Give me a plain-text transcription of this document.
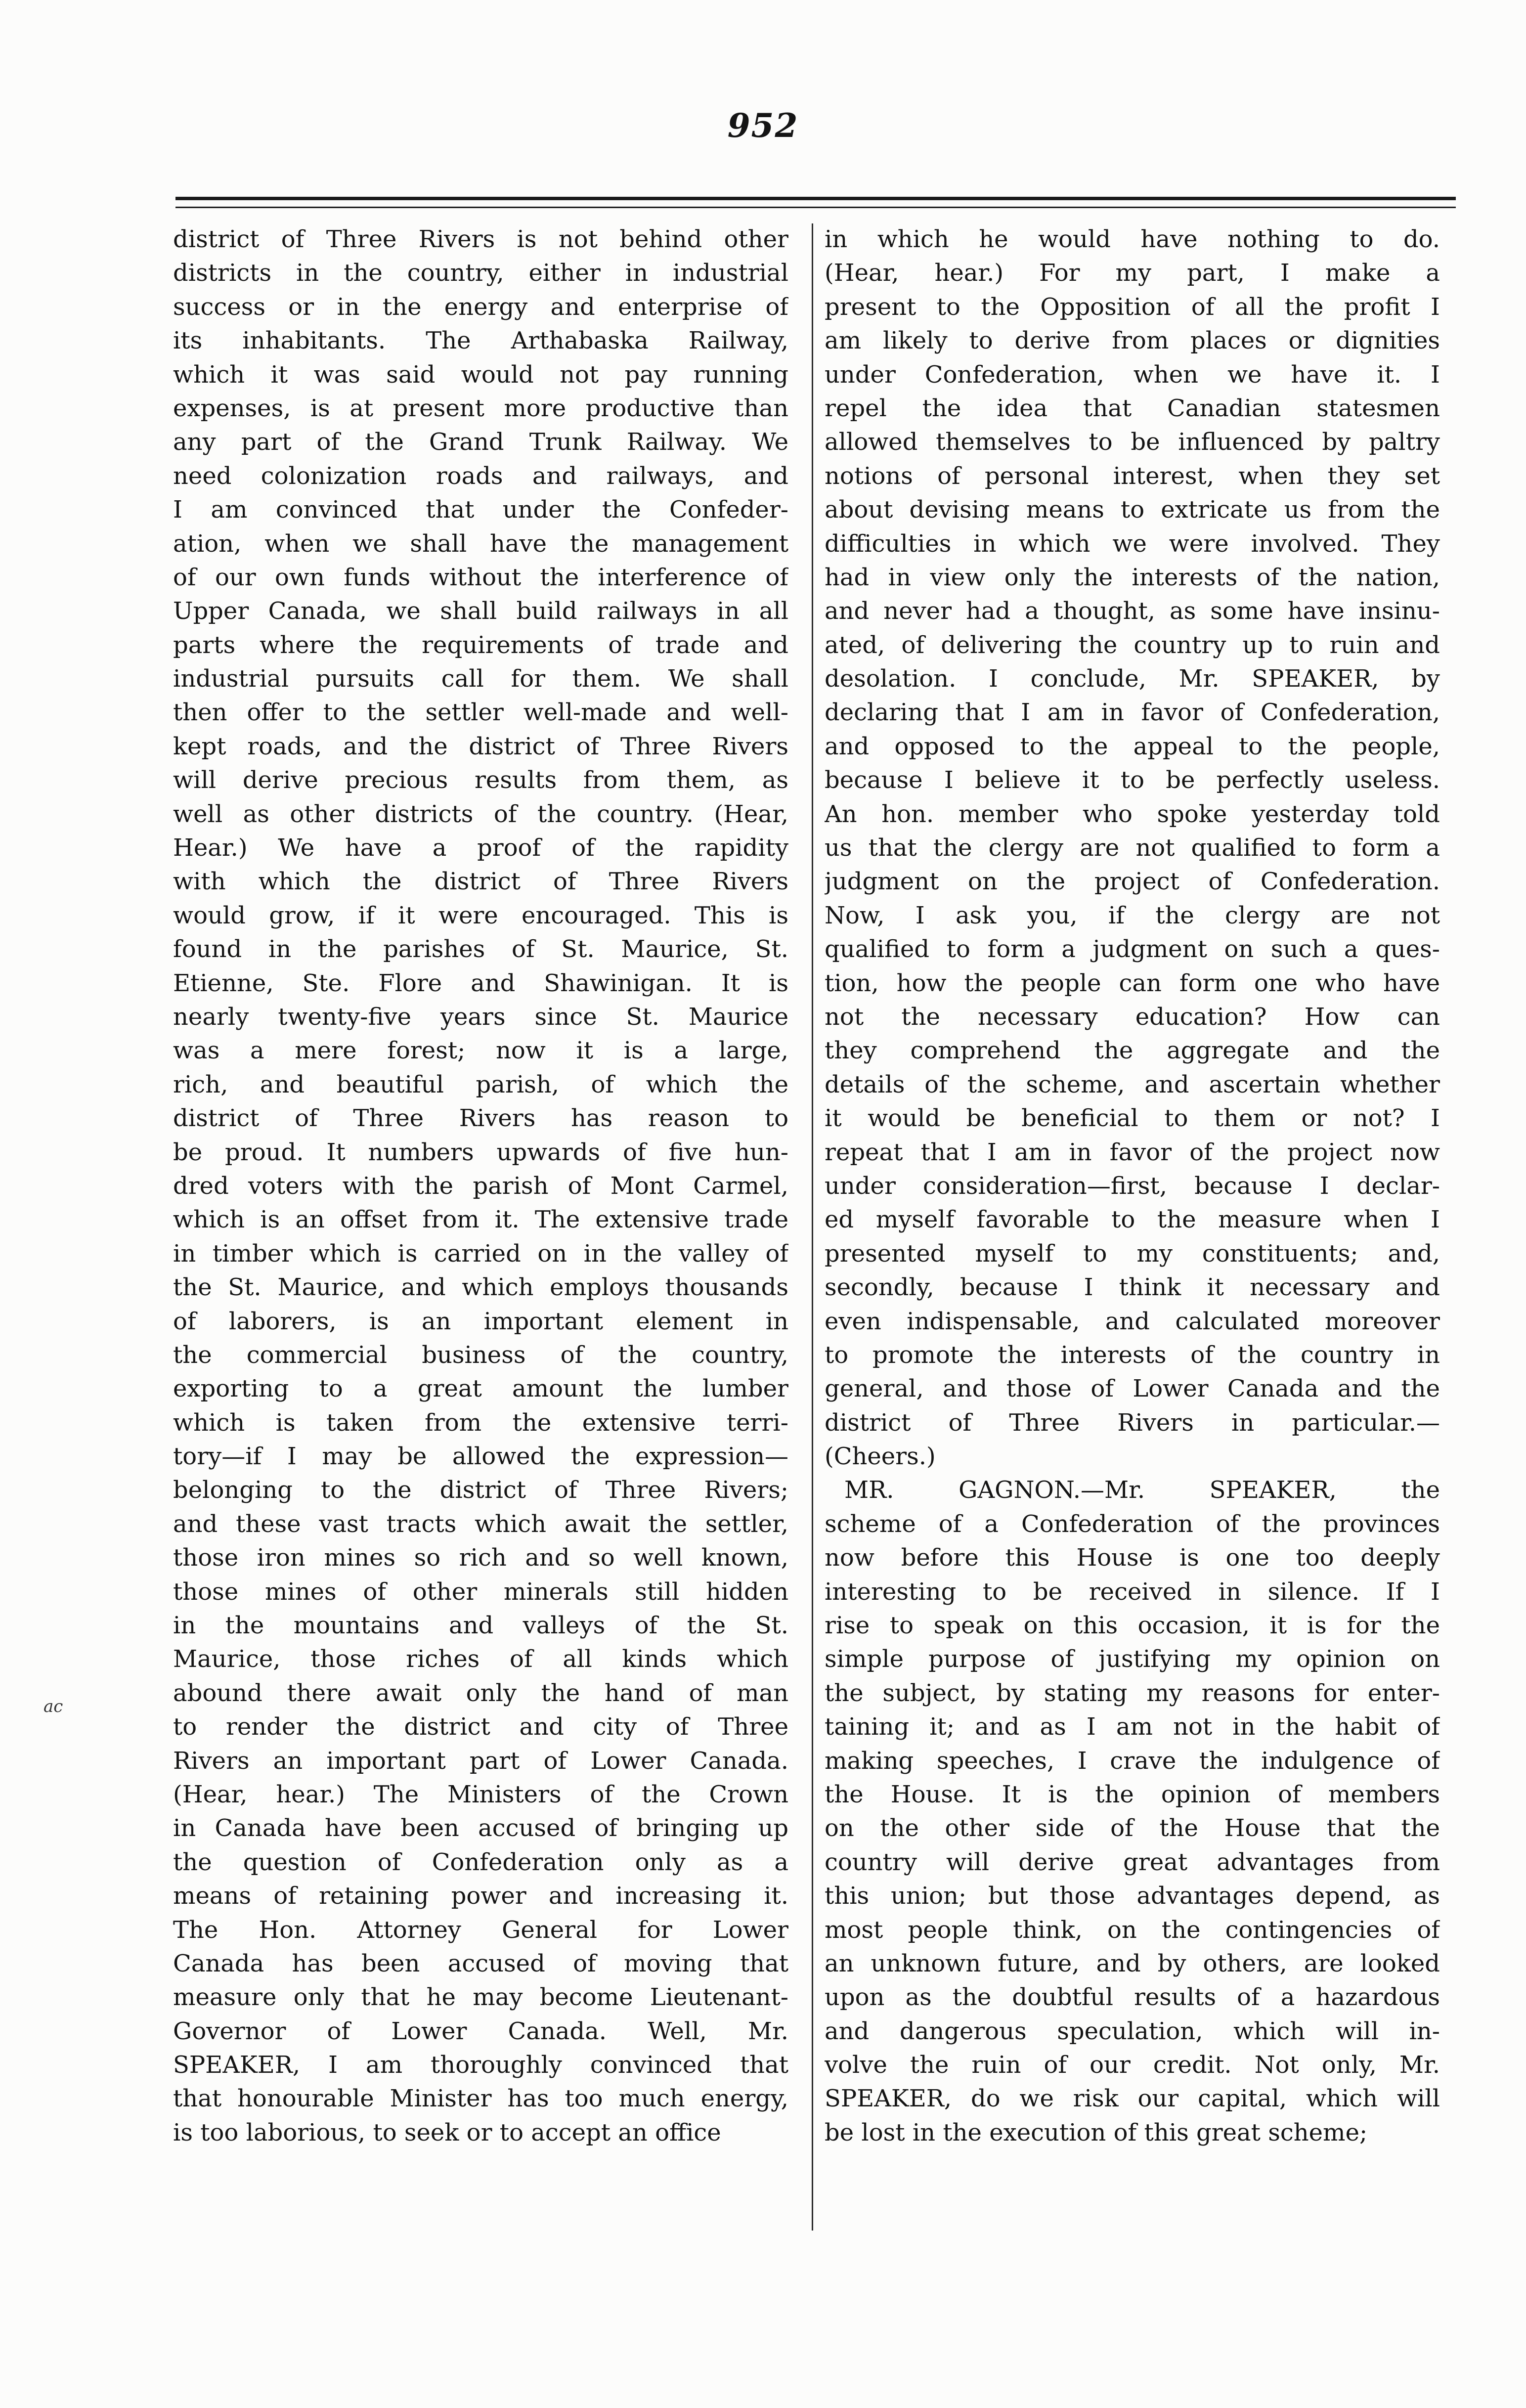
952
district of Three Rivers is not behind other
districts in the country, either in industrial
success or in the energy and enterprise of
its inhabitants. The Arthabaska Railway,
which it was said would not pay running
expenses, is at present more productive than
any part of the Grand Trunk Railway. We
need colonization roads and railways, and
I am convinced that under the Confeder-
ation, when we shall have the management
of our own funds without the interference of
Upper Canada, we shall build railways in all
parts where the requirements of trade and
industrial pursuits call for them. We shall
then offer to the settler well-made and well-
kept roads, and the district of Three Rivers
will derive precious results from them, as
well as other districts of the country. (Hear,
Hear.) We have a proof of the rapidity
with which the district of Three Rivers
would grow, if it were encouraged. This is
found in the parishes of St. Maurice, St.
Etienne, Ste. Flore and Shawinigan. It is
nearly twenty-five years since St. Maurice
was a mere forest; now it is a large,
rich, and beautiful parish, of which the
district of Three Rivers has reason to
be proud. It numbers upwards of five hun-
dred voters with the parish of Mont Carmel,
which is an offset from it. The extensive trade
in timber which is carried on in the valley of
the St. Maurice, and which employs thousands
of laborers, is an important element in
the commercial business of the country,
exporting to a great amount the lumber
which is taken from the extensive terri-
tory—if I may be allowed the expression—
belonging to the district of Three Rivers;
and these vast tracts which await the settler,
those iron mines so rich and so well known,
those mines of other minerals still hidden
in the mountains and valleys of the St.
Maurice, those riches of all kinds which
abound there await only the hand of man
to render the district and city of Three
Rivers an important part of Lower Canada.
(Hear, hear.) The Ministers of the Crown
in Canada have been accused of bringing up
the question of Confederation only as a
means of retaining power and increasing it.
The Hon. Attorney General for Lower
Canada has been accused of moving that
measure only that he may become Lieutenant-
Governor of Lower Canada. Well, Mr.
SPEAKER, I am thoroughly convinced that
that honourable Minister has too much energy,
is too laborious, to seek or to accept an office
in which he would have nothing to do.
(Hear, hear.) For my part, I make a
present to the Opposition of all the profit I
am likely to derive from places or dignities
under Confederation, when we have it. I
repel the idea that Canadian statesmen
allowed themselves to be influenced by paltry
notions of personal interest, when they set
about devising means to extricate us from the
difficulties in which we were involved. They
had in view only the interests of the nation,
and never had a thought, as some have insinu-
ated, of delivering the country up to ruin and
desolation. I conclude, Mr. SPEAKER, by
declaring that I am in favor of Confederation,
and opposed to the appeal to the people,
because I believe it to be perfectly useless.
An hon. member who spoke yesterday told
us that the clergy are not qualified to form a
judgment on the project of Confederation.
Now, I ask you, if the clergy are not
qualified to form a judgment on such a ques-
tion, how the people can form one who have
not the necessary education? How can
they comprehend the aggregate and the
details of the scheme, and ascertain whether
it would be beneficial to them or not? I
repeat that I am in favor of the project now
under consideration—first, because I declar-
ed myself favorable to the measure when I
presented myself to my constituents; and,
secondly, because I think it necessary and
even indispensable, and calculated moreover
to promote the interests of the country in
general, and those of Lower Canada and the
district of Three Rivers in particular.—
(Cheers.)
MR. GAGNON.—Mr. SPEAKER, the
scheme of a Confederation of the provinces
now before this House is one too deeply
interesting to be received in silence. If I
rise to speak on this occasion, it is for the
simple purpose of justifying my opinion on
the subject, by stating my reasons for enter-
taining it; and as I am not in the habit of
making speeches, I crave the indulgence of
the House. It is the opinion of members
on the other side of the House that the
country will derive great advantages from
this union; but those advantages depend, as
most people think, on the contingencies of
an unknown future, and by others, are looked
upon as the doubtful results of a hazardous
and dangerous speculation, which will in-
volve the ruin of our credit. Not only, Mr.
SPEAKER, do we risk our capital, which will
be lost in the execution of this great scheme;
ac
